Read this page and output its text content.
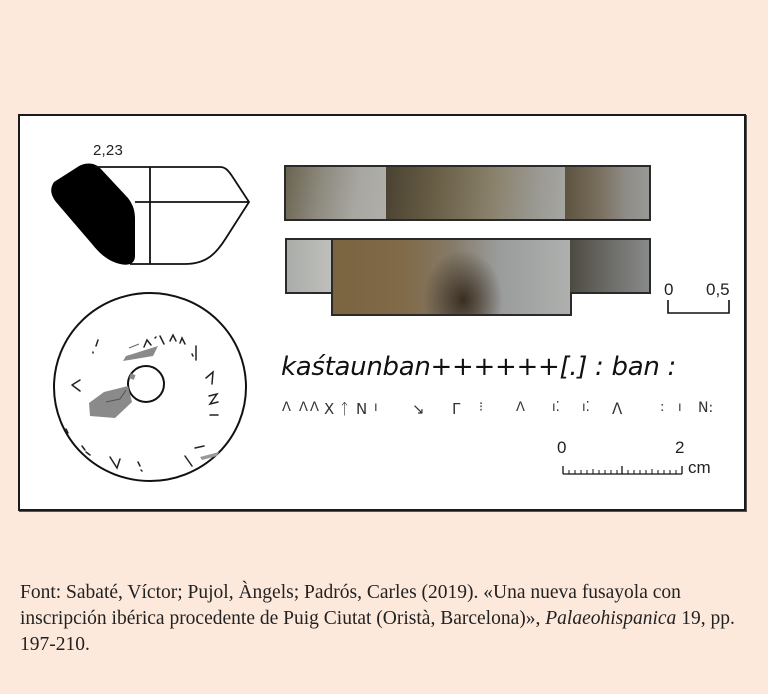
2,23
0 0,5
kaśtaunban++++++[.] : ban :
ᐱ ᐱ ᐱ X ᛏ N ı ↘ Γ ⁝	ᐱ ı⁚ ı⁚ ᐱ	: ı N:
0	2
cm
Font: Sabaté, Víctor; Pujol, Àngels; Padrós, Carles (2019). «Una nueva fusayola con inscripción ibérica procedente de Puig Ciutat (Oristà, Barcelona)», Palaeohispanica 19, pp. 197-210.
